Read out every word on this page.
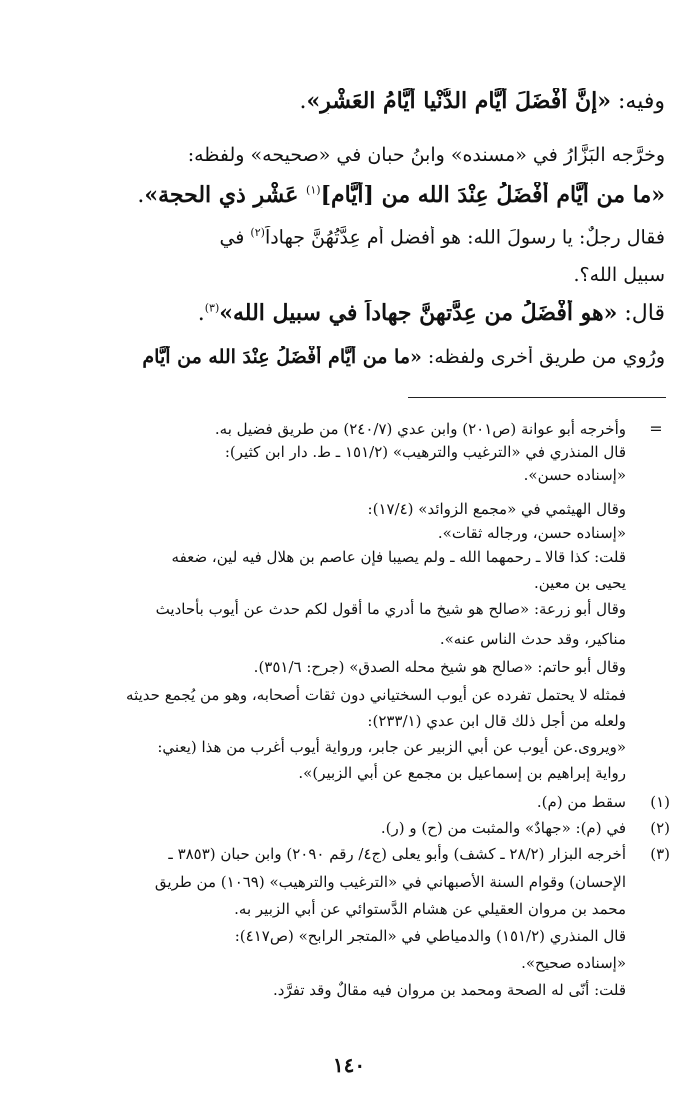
وفيه: «إنَّ أَفْضَلَ أَيَّامِ الدُّنْيا أَيَّامُ العَشْرِ».
وخرَّجه البَزَّارُ في «مسنده» وابنُ حبان في «صحيحه» ولفظه:
«ما من أَيَّامٍ أَفْضَلُ عِنْدَ الله من [أَيَّامِ]$^{(١)}$ عَشْرِ ذي الحجة».
فقال رجلٌ: يا رسولَ الله: هو أفضل أم عِدَّتُهُنَّ جهاداً$^{(٢)}$ في
سبيل الله؟.
قال: «هو أَفْضَلُ من عِدَّتهِنَّ جهاداً في سبيل الله»$^{(٣)}$.
ورُوي من طريق أخرى ولفظه: «ما من أَيَّامٍ أَفْضَلُ عِنْدَ الله من أَيَّامِ
=
وأخرجه أبو عوانة (ص٢٠١) وابن عدي (٢٤٠/٧) من طريق فضيل به.
قال المنذري في «الترغيب والترهيب» (١٥١/٢ ـ ط. دار ابن كثير):
«إسناده حسن».
وقال الهيثمي في «مجمع الزوائد» (١٧/٤):
«إسناده حسن، ورجاله ثقات».
قلت: كذا قالا ـ رحمهما الله ـ ولم يصيبا فإن عاصم بن هلال فيه لين، ضعفه
يحيى بن معين.
وقال أبو زرعة: «صالح هو شيخ ما أدري ما أقول لكم حدث عن أيوب بأحاديث
مناكير، وقد حدث الناس عنه».
وقال أبو حاتم: «صالح هو شيخ محله الصدق» (جرح: ٣٥١/٦).
فمثله لا يحتمل تفرده عن أيوب السختياني دون ثقات أصحابه، وهو من يُجمع حديثه
ولعله من أجل ذلك قال ابن عدي (٢٣٣/١):
«ويروى.عن أيوب عن أبي الزبير عن جابر، ورواية أيوب أغرب من هذا (يعني:
رواية إبراهيم بن إسماعيل بن مجمع عن أبي الزبير)».
(١)
سقط من (م).
(٢)
في (م): «جهادٌ» والمثبت من (ح) و (ر).
(٣)
أخرجه البزار (٢٨/٢ ـ كشف) وأبو يعلى (ج٤/ رقم ٢٠٩٠) وابن حبان (٣٨٥٣ ـ
الإحسان) وقوام السنة الأصبهاني في «الترغيب والترهيب» (١٠٦٩) من طريق
محمد بن مروان العقيلي عن هشام الدَّستوائي عن أبي الزبير به.
قال المنذري (١٥١/٢) والدمياطي في «المتجر الرابح» (ص٤١٧):
«إسناده صحيح».
قلت: أنّى له الصحة ومحمد بن مروان فيه مقالٌ وقد تفرَّد.
١٤٠
